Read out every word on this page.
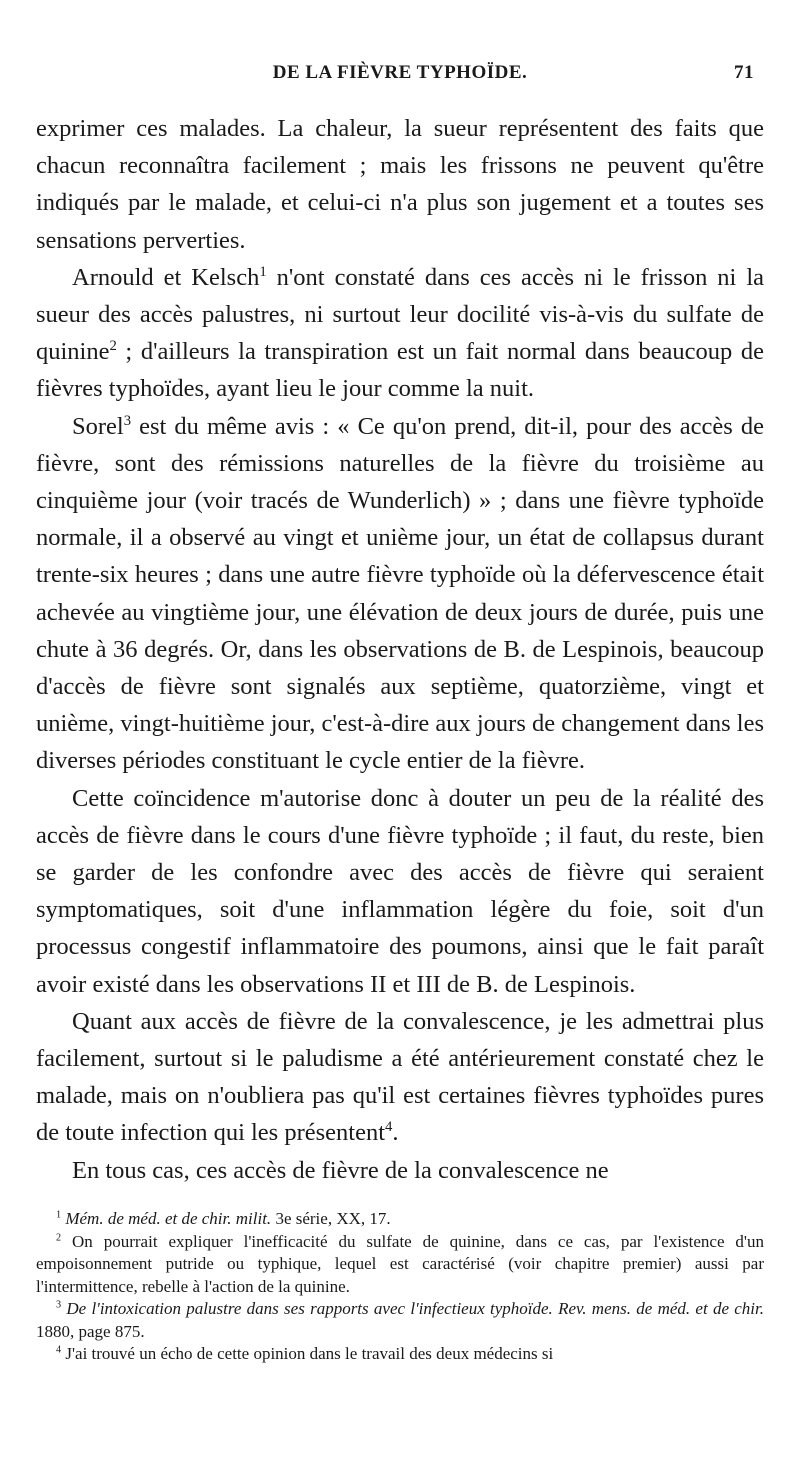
DE LA FIÈVRE TYPHOÏDE.	71

exprimer ces malades. La chaleur, la sueur représentent des faits que chacun reconnaîtra facilement ; mais les frissons ne peuvent qu'être indiqués par le malade, et celui-ci n'a plus son jugement et a toutes ses sensations perverties.

Arnould et Kelsch$^1$ n'ont constaté dans ces accès ni le frisson ni la sueur des accès palustres, ni surtout leur docilité vis-à-vis du sulfate de quinine$^2$ ; d'ailleurs la transpiration est un fait normal dans beaucoup de fièvres typhoïdes, ayant lieu le jour comme la nuit.

Sorel$^3$ est du même avis : « Ce qu'on prend, dit-il, pour des accès de fièvre, sont des rémissions naturelles de la fièvre du troisième au cinquième jour (voir tracés de Wunderlich) » ; dans une fièvre typhoïde normale, il a observé au vingt et unième jour, un état de collapsus durant trente-six heures ; dans une autre fièvre typhoïde où la défervescence était achevée au vingtième jour, une élévation de deux jours de durée, puis une chute à 36 degrés. Or, dans les observations de B. de Lespinois, beaucoup d'accès de fièvre sont signalés aux septième, quatorzième, vingt et unième, vingt-huitième jour, c'est-à-dire aux jours de changement dans les diverses périodes constituant le cycle entier de la fièvre.

Cette coïncidence m'autorise donc à douter un peu de la réalité des accès de fièvre dans le cours d'une fièvre typhoïde ; il faut, du reste, bien se garder de les confondre avec des accès de fièvre qui seraient symptomatiques, soit d'une inflammation légère du foie, soit d'un processus congestif inflammatoire des poumons, ainsi que le fait paraît avoir existé dans les observations II et III de B. de Lespinois.

Quant aux accès de fièvre de la convalescence, je les admettrai plus facilement, surtout si le paludisme a été antérieurement constaté chez le malade, mais on n'oubliera pas qu'il est certaines fièvres typhoïdes pures de toute infection qui les présentent$^4$.

En tous cas, ces accès de fièvre de la convalescence ne

$^1$ Mém. de méd. et de chir. milit. 3e série, XX, 17.

$^2$ On pourrait expliquer l'inefficacité du sulfate de quinine, dans ce cas, par l'existence d'un empoisonnement putride ou typhique, lequel est caractérisé (voir chapitre premier) aussi par l'intermittence, rebelle à l'action de la quinine.

$^3$ De l'intoxication palustre dans ses rapports avec l'infectieux typhoïde. Rev. mens. de méd. et de chir. 1880, page 875.

$^4$ J'ai trouvé un écho de cette opinion dans le travail des deux médecins si
